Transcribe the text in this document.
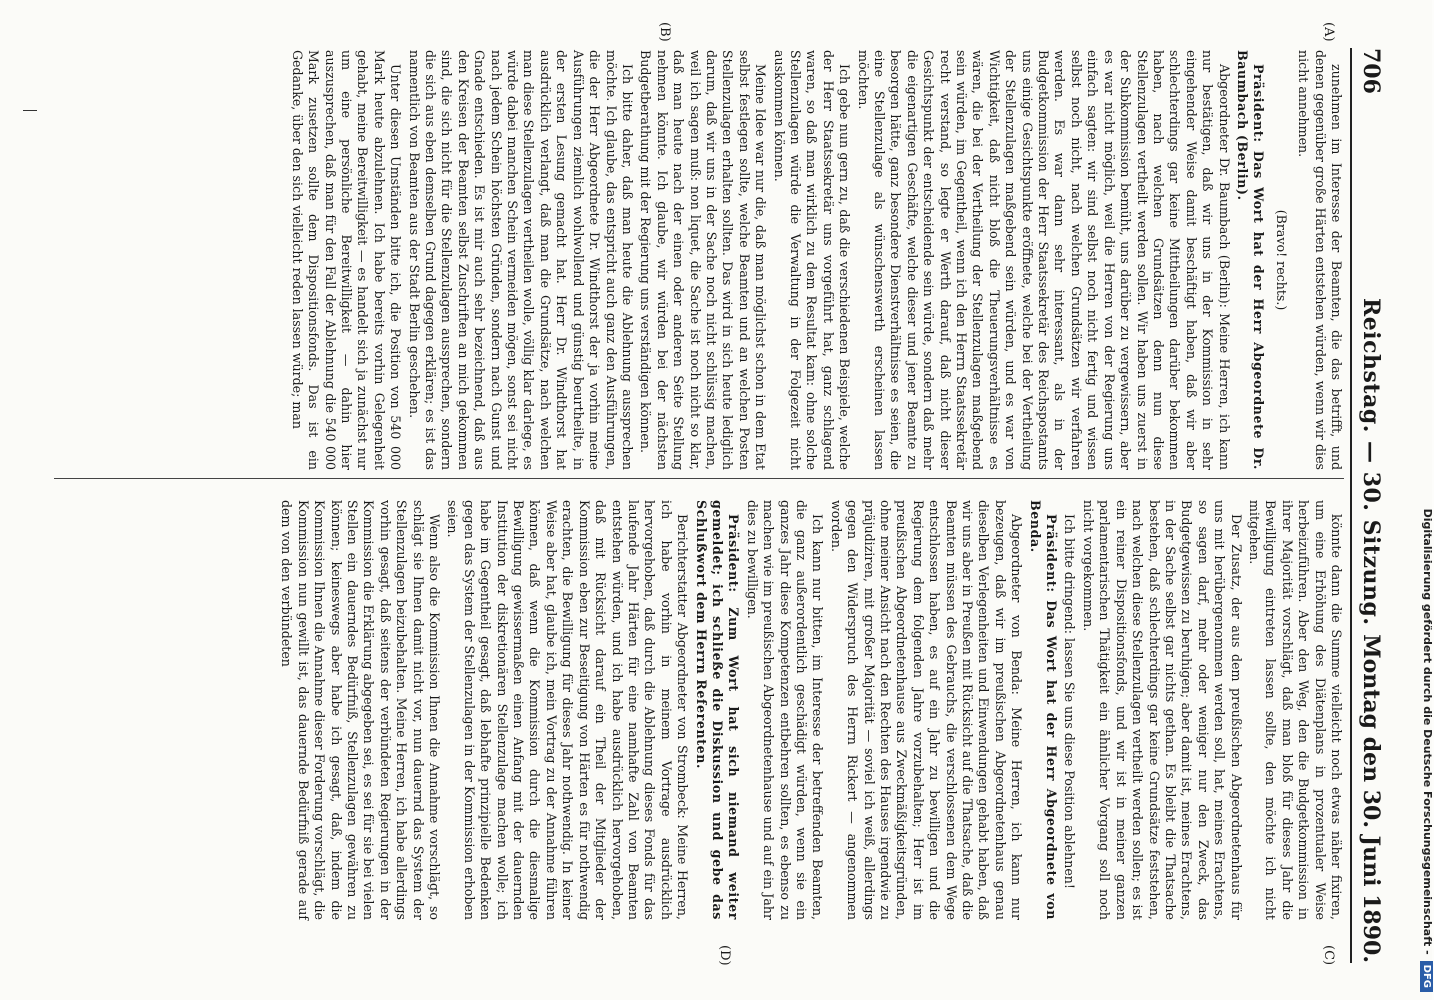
706
Reichstag. — 30. Sitzung.
Montag den 30. Juni 1890.
(A)
(B)
(C)
(D)

zunehmen im Interesse der Beamten, die das betrifft, und denen gegenüber große Härten entstehen würden, wenn wir dies nicht annehmen.

(Bravo! rechts.)

Präsident: Das Wort hat der Herr Abgeordnete Dr. Baumbach (Berlin).

Abgeordneter Dr. Baumbach (Berlin): Meine Herren, ich kann nur bestätigen, daß wir uns in der Kommission in sehr eingehender Weise damit beschäftigt haben, daß wir aber schlechterdings gar keine Mittheilungen darüber bekommen haben, nach welchen Grundsätzen denn nun diese Stellenzulagen vertheilt werden sollen. Wir haben uns zuerst in der Subkommission bemüht, uns darüber zu vergewissern, aber es war nicht möglich, weil die Herren von der Regierung uns einfach sagten: wir sind selbst noch nicht fertig und wissen selbst noch nicht, nach welchen Grundsätzen wir verfahren werden. Es war dann sehr interessant, als in der Budgetkommission der Herr Staatssekretär des Reichspostamts uns einige Gesichtspunkte eröffnete, welche bei der Vertheilung der Stellenzulagen maßgebend sein würden, und es war von Wichtigkeit, daß nicht bloß die Theuerungsverhältnisse es wären, die bei der Vertheilung der Stellenzulagen maßgebend sein würden, im Gegentheil, wenn ich den Herrn Staatssekretär recht verstand, so legte er Werth darauf, daß nicht dieser Gesichtspunkt der entscheidende sein würde, sondern daß mehr die eigenartigen Geschäfte, welche dieser und jener Beamte zu besorgen hätte, ganz besondere Dienstverhältnisse es seien, die eine Stellenzulage als wünschenswerth erscheinen lassen möchten.

Ich gebe nun gern zu, daß die verschiedenen Beispiele, welche der Herr Staatssekretär uns vorgeführt hat, ganz schlagend waren, so daß man wirklich zu dem Resultat kam: ohne solche Stellenzulagen würde die Verwaltung in der Folgezeit nicht auskommen können.

Meine Idee war nur die, daß man möglichst schon in dem Etat selbst festlegen sollte, welche Beamten und an welchen Posten Stellenzulagen erhalten sollten. Das wird in sich heute lediglich darum, daß wir uns in der Sache noch nicht schlüssig machen, weil ich sagen muß: non liquet, die Sache ist noch nicht so klar, daß man heute nach der einen oder anderen Seite Stellung nehmen könnte. Ich glaube, wir würden bei der nächsten Budgetberathung mit der Regierung uns verständigen können.

Ich bitte daher, daß man heute die Ablehnung aussprechen möchte. Ich glaube, das entspricht auch ganz den Ausführungen, die der Herr Abgeordnete Dr. Windthorst der ja vorhin meine Ausführungen ziemlich wohlwollend und günstig beurtheilte, in der ersten Lesung gemacht hat. Herr Dr. Windthorst hat ausdrücklich verlangt, daß man die Grundsätze, nach welchen man diese Stellenzulagen vertheilen wolle, völlig klar darlege, es würde dabei manchen Schein vermeiden mögen, sonst sei nicht nach jedem Schein höchsten Gründen, sondern nach Gunst und Gnade entschieden. Es ist mir auch sehr bezeichnend, daß aus den Kreisen der Beamten selbst Zuschriften an mich gekommen sind, die sich nicht für die Stellenzulagen aussprechen, sondern die sich aus eben demselben Grund dagegen erklären; es ist das namentlich von Beamten aus der Stadt Berlin geschehen.

Unter diesen Umständen bitte ich, die Position von 540 000 Mark heute abzulehnen. Ich habe bereits vorhin Gelegenheit gehabt, meine Bereitwilligkeit — es handelt sich ja zunächst nur um eine persönliche Bereitwilligkeit — dahin hier auszusprechen, daß man für den Fall der Ablehnung die 540 000 Mark zusetzen sollte dem Dispositionsfonds. Das ist ein Gedanke, über den sich vielleicht reden lassen würde; man

könnte dann die Summe vielleicht noch etwas näher fixiren, um eine Erhöhung des Diätenplans in prozentualer Weise herbeizuführen. Aber den Weg, den die Budgetkommission in ihrer Majorität vorschlägt, daß man bloß für dieses Jahr die Bewilligung eintreten lassen sollte, den möchte ich nicht mitgehen.

Der Zusatz, der aus dem preußischen Abgeordnetenhaus für uns mit herübergenommen werden soll, hat, meines Erachtens, so sagen darf, mehr oder weniger nur den Zweck, das Budgetgewissen zu beruhigen; aber damit ist, meines Erachtens, in der Sache selbst gar nichts gethan. Es bleibt die Thatsache bestehen, daß schlechterdings gar keine Grundsätze feststehen, nach welchen diese Stellenzulagen vertheilt werden sollen; es ist ein reiner Dispositionsfonds, und wir ist in meiner ganzen parlamentarischen Thätigkeit ein ähnlicher Vorgang soll noch nicht vorgekommen.

Ich bitte dringend: lassen Sie uns diese Position ablehnen!

Präsident: Das Wort hat der Herr Abgeordnete von Benda.

Abgeordneter von Benda: Meine Herren, ich kann nur bezeugen, daß wir im preußischen Abgeordnetenhaus genau dieselben Verlegenheiten und Einwendungen gehabt haben, daß wir uns aber in Preußen mit Rücksicht auf die Thatsache, daß die Beamten müssen des Gebrauchs, die verschlossenen dem Wege entschlossen haben, es auf ein Jahr zu bewilligen und die Regierung dem folgenden Jahre vorzubehalten; Herr ist im preußischen Abgeordnetenhause aus Zweckmäßigkeitsgründen, ohne meiner Ansicht nach den Rechten des Hauses irgendwie zu präjudiziren, mit großer Majorität — soviel ich weiß, allerdings gegen den Widerspruch des Herrn Rickert — angenommen worden.

Ich kann nur bitten, im Interesse der betreffenden Beamten, die ganz außerordentlich geschädigt würden, wenn sie ein ganzes Jahr diese Kompetenzen entbehren sollten, es ebenso zu machen wie im preußischen Abgeordnetenhause und auf ein Jahr dies zu bewilligen.

Präsident: Zum Wort hat sich niemand weiter gemeldet; ich schließe die Diskussion und gebe das Schlußwort dem Herrn Referenten.

Berichterstatter Abgeordneter von Strombeck: Meine Herren, ich habe vorhin in meinem Vortrage ausdrücklich hervorgehoben, daß durch die Ablehnung dieses Fonds für das laufende Jahr Härten für eine namhafte Zahl von Beamten entstehen würden, und ich habe ausdrücklich hervorgehoben, daß mit Rücksicht darauf ein Theil der Mitglieder der Kommission eben zur Beseitigung von Härten es für nothwendig erachten, die Bewilligung für dieses Jahr nothwendig. In keiner Weise aber hat, glaube ich, mein Vortrag zu der Annahme führen können, daß wenn die Kommission durch die diesmalige Bewilligung gewissermaßen einen Anfang mit der dauernden Institution der diskretionären Stellenzulage machen wolle; ich habe im Gegentheil gesagt, daß lebhafte prinzipielle Bedenken gegen das System der Stellenzulagen in der Kommission erhoben seien.

Wenn also die Kommission Ihnen die Annahme vorschlägt, so schlägt sie Ihnen damit nicht vor, nun dauernd das System der Stellenzulagen beizubehalten. Meine Herren, ich habe allerdings vorhin gesagt, daß seitens der verbündeten Regierungen in der Kommission die Erklärung abgegeben sei, es sei für sie bei vielen Stellen ein dauerndes Bedürfniß, Stellenzulagen gewähren zu können; keineswegs aber habe ich gesagt, daß, indem die Kommission Ihnen die Annahme dieser Forderung vorschlägt, die Kommission nun gewillt ist, das dauernde Bedürfniß gerade auf dem von den verbündeten	Digitalisierung gefördert durch die Deutsche Forschungsgemeinschaft -DFG
